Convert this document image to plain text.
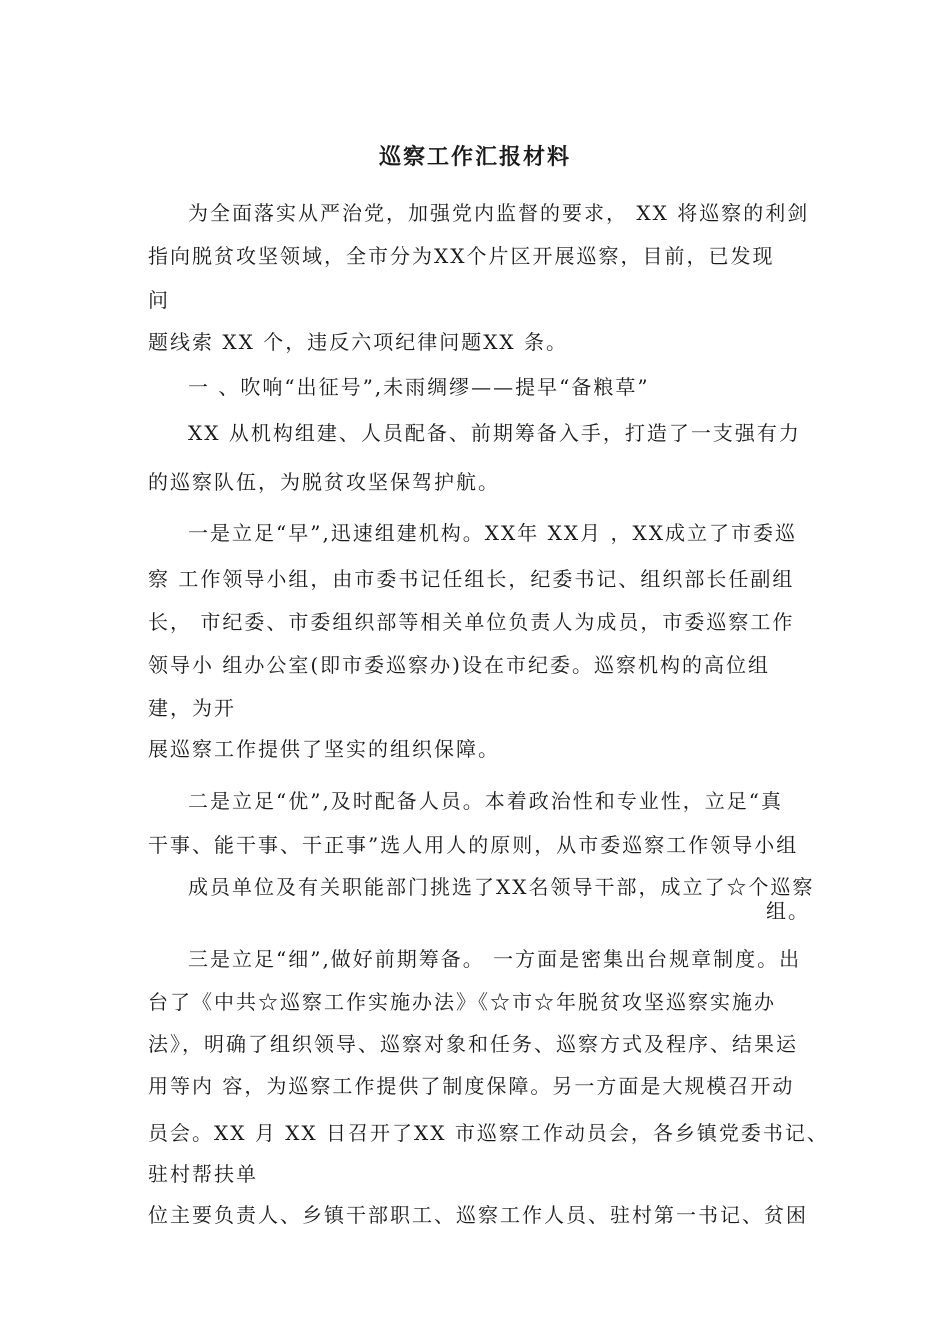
巡察工作汇报材料
为全面落实从严治党，加强党内监督的要求， XX 将巡察的利剑
指向脱贫攻坚领域，全市分为XX个片区开展巡察，目前，已发现
问
题线索 XX 个，违反六项纪律问题XX 条。
一 、吹响“出征号”,未雨绸缪——提早“备粮草”
XX 从机构组建、人员配备、前期筹备入手，打造了一支强有力
的巡察队伍，为脱贫攻坚保驾护航。
一是立足“早”,迅速组建机构。XX年 XX月 ，XX成立了市委巡
察 工作领导小组，由市委书记任组长，纪委书记、组织部长任副组
长， 市纪委、市委组织部等相关单位负责人为成员，市委巡察工作
领导小 组办公室(即市委巡察办)设在市纪委。巡察机构的高位组
建，为开
展巡察工作提供了坚实的组织保障。
二是立足“优”,及时配备人员。本着政治性和专业性，立足“真
干事、能干事、干正事”选人用人的原则，从市委巡察工作领导小组
成员单位及有关职能部门挑选了XX名领导干部，成立了☆个巡察
组。
三是立足“细”,做好前期筹备。 一方面是密集出台规章制度。出
台了《中共☆巡察工作实施办法》《☆市☆年脱贫攻坚巡察实施办
法》，明确了组织领导、巡察对象和任务、巡察方式及程序、结果运
用等内 容，为巡察工作提供了制度保障。另一方面是大规模召开动
员会。XX 月 XX 日召开了XX 市巡察工作动员会，各乡镇党委书记、
驻村帮扶单
位主要负责人、乡镇干部职工、巡察工作人员、驻村第一书记、贫困
